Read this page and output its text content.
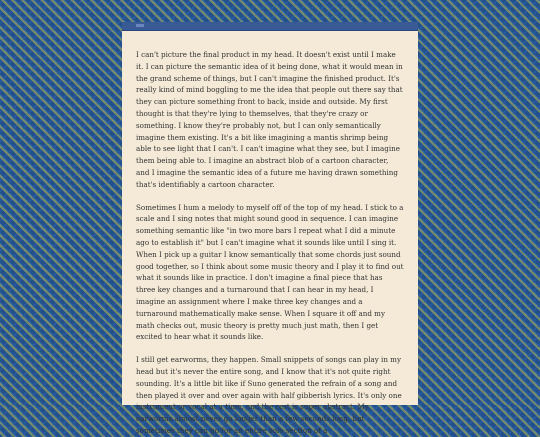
I can't picture the final product in my head. It doesn't exist until I make it. I can picture the semantic idea of it being done, what it would mean in the grand scheme of things, but I can't imagine the finished product. It's really kind of mind boggling to me the idea that people out there say that they can picture something front to back, inside and outside. My first thought is that they're lying to themselves, that they're crazy or something. I know they're probably not, but I can only semantically imagine them existing. It's a bit like imagining a mantis shrimp being able to see light that I can't. I can't imagine what they see, but I imagine them being able to. I imagine an abstract blob of a cartoon character, and I imagine the semantic idea of a future me having drawn something that's identifiably a cartoon character.

Sometimes I hum a melody to myself off of the top of my head. I stick to a scale and I sing notes that might sound good in sequence. I can imagine something semantic like "in two more bars I repeat what I did a minute ago to establish it" but I can't imagine what it sounds like until I sing it. When I pick up a guitar I know semantically that some chords just sound good together, so I think about some music theory and I play it to find out what it sounds like in practice. I don't imagine a final piece that has three key changes and a turnaround that I can hear in my head, I imagine an assignment where I make three key changes and a turnaround mathematically make sense. When I square it off and my math checks out, music theory is pretty much just math, then I get excited to hear what it sounds like.

I still get earworms, they happen. Small snippets of songs can play in my head but it's never the entire song, and I know that it's not quite right sounding. It's a little bit like if Suno generated the refrain of a song and then played it over and over again with half gibberish lyrics. It's only one instrument or vocal at a time, and the rest is super abstract. My earworms almost never go longer than a few seconds long, but sometimes they can go for an entire solo section of a
